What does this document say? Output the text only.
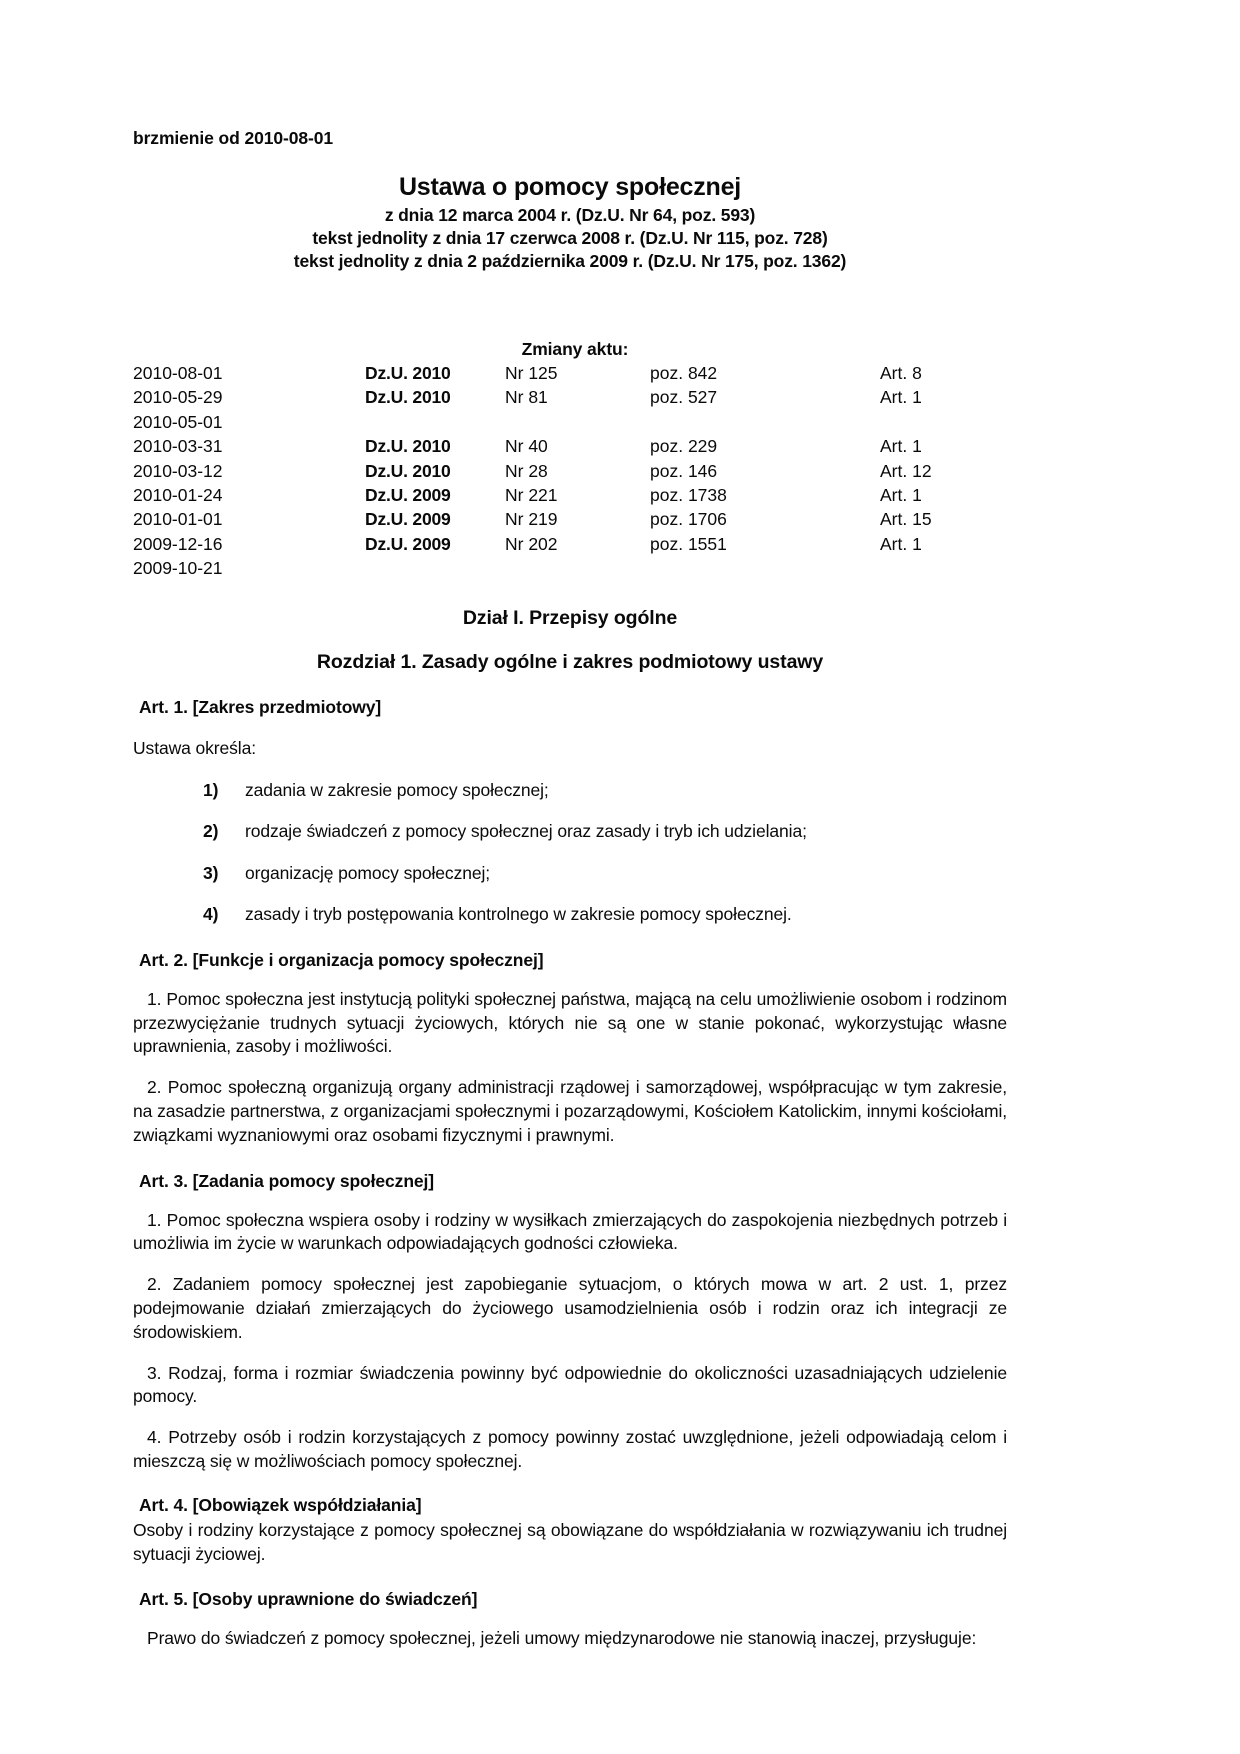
brzmienie od 2010-08-01
Ustawa o pomocy społecznej
z dnia 12 marca 2004 r. (Dz.U. Nr 64, poz. 593)
tekst jednolity z dnia 17 czerwca 2008 r. (Dz.U. Nr 115, poz. 728)
tekst jednolity z dnia 2 października 2009 r. (Dz.U. Nr 175, poz. 1362)
Zmiany aktu:
2010-08-01	Dz.U. 2010	Nr 125	poz. 842	Art. 8
2010-05-29	Dz.U. 2010	Nr 81	poz. 527	Art. 1
2010-05-01				
2010-03-31	Dz.U. 2010	Nr 40	poz. 229	Art. 1
2010-03-12	Dz.U. 2010	Nr 28	poz. 146	Art. 12
2010-01-24	Dz.U. 2009	Nr 221	poz. 1738	Art. 1
2010-01-01	Dz.U. 2009	Nr 219	poz. 1706	Art. 15
2009-12-16	Dz.U. 2009	Nr 202	poz. 1551	Art. 1
2009-10-21				
Dział I. Przepisy ogólne
Rozdział 1. Zasady ogólne i zakres podmiotowy ustawy
Art. 1. [Zakres przedmiotowy]

Ustawa określa:

1) zadania w zakresie pomocy społecznej;
2) rodzaje świadczeń z pomocy społecznej oraz zasady i tryb ich udzielania;
3) organizację pomocy społecznej;
4) zasady i tryb postępowania kontrolnego w zakresie pomocy społecznej.
Art. 2. [Funkcje i organizacja pomocy społecznej]

1. Pomoc społeczna jest instytucją polityki społecznej państwa, mającą na celu umożliwienie osobom i rodzinom przezwyciężanie trudnych sytuacji życiowych, których nie są one w stanie pokonać, wykorzystując własne uprawnienia, zasoby i możliwości.

2. Pomoc społeczną organizują organy administracji rządowej i samorządowej, współpracując w tym zakresie, na zasadzie partnerstwa, z organizacjami społecznymi i pozarządowymi, Kościołem Katolickim, innymi kościołami, związkami wyznaniowymi oraz osobami fizycznymi i prawnymi.

Art. 3. [Zadania pomocy społecznej]

1. Pomoc społeczna wspiera osoby i rodziny w wysiłkach zmierzających do zaspokojenia niezbędnych potrzeb i umożliwia im życie w warunkach odpowiadających godności człowieka.

2. Zadaniem pomocy społecznej jest zapobieganie sytuacjom, o których mowa w art. 2 ust. 1, przez podejmowanie działań zmierzających do życiowego usamodzielnienia osób i rodzin oraz ich integracji ze środowiskiem.

3. Rodzaj, forma i rozmiar świadczenia powinny być odpowiednie do okoliczności uzasadniających udzielenie pomocy.

4. Potrzeby osób i rodzin korzystających z pomocy powinny zostać uwzględnione, jeżeli odpowiadają celom i mieszczą się w możliwościach pomocy społecznej.

Art. 4. [Obowiązek współdziałania]

Osoby i rodziny korzystające z pomocy społecznej są obowiązane do współdziałania w rozwiązywaniu ich trudnej sytuacji życiowej.

Art. 5. [Osoby uprawnione do świadczeń]

Prawo do świadczeń z pomocy społecznej, jeżeli umowy międzynarodowe nie stanowią inaczej, przysługuje:
